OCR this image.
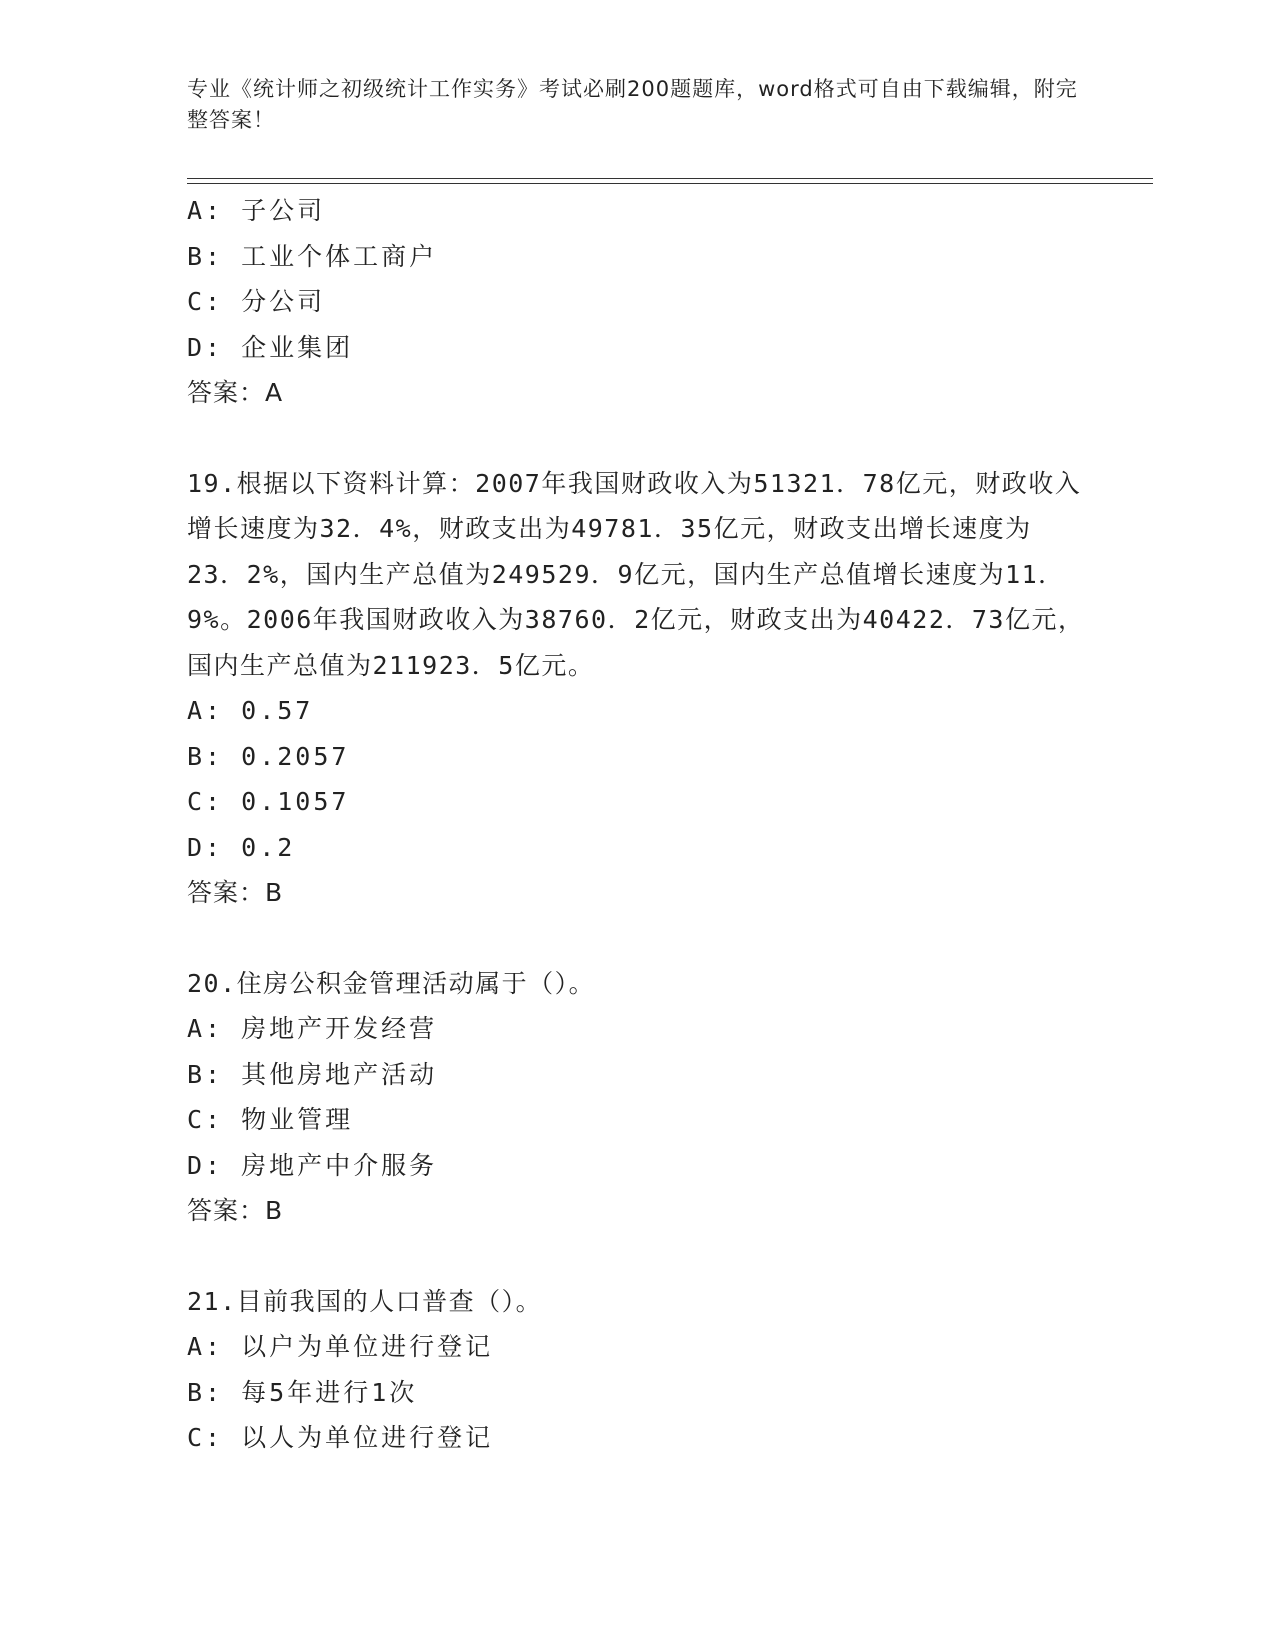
专业《统计师之初级统计工作实务》考试必刷200题题库，word格式可自由下载编辑，附完整答案！
A: 子公司
B: 工业个体工商户
C: 分公司
D: 企业集团
答案：A
19.根据以下资料计算：2007年我国财政收入为51321．78亿元，财政收入增长速度为32．4%，财政支出为49781．35亿元，财政支出增长速度为23．2%，国内生产总值为249529．9亿元，国内生产总值增长速度为11．9%。2006年我国财政收入为38760．2亿元，财政支出为40422．73亿元，国内生产总值为211923．5亿元。
A: 0.57
B: 0.2057
C: 0.1057
D: 0.2
答案：B
20.住房公积金管理活动属于（）。
A: 房地产开发经营
B: 其他房地产活动
C: 物业管理
D: 房地产中介服务
答案：B
21.目前我国的人口普查（）。
A: 以户为单位进行登记
B: 每5年进行1次
C: 以人为单位进行登记
